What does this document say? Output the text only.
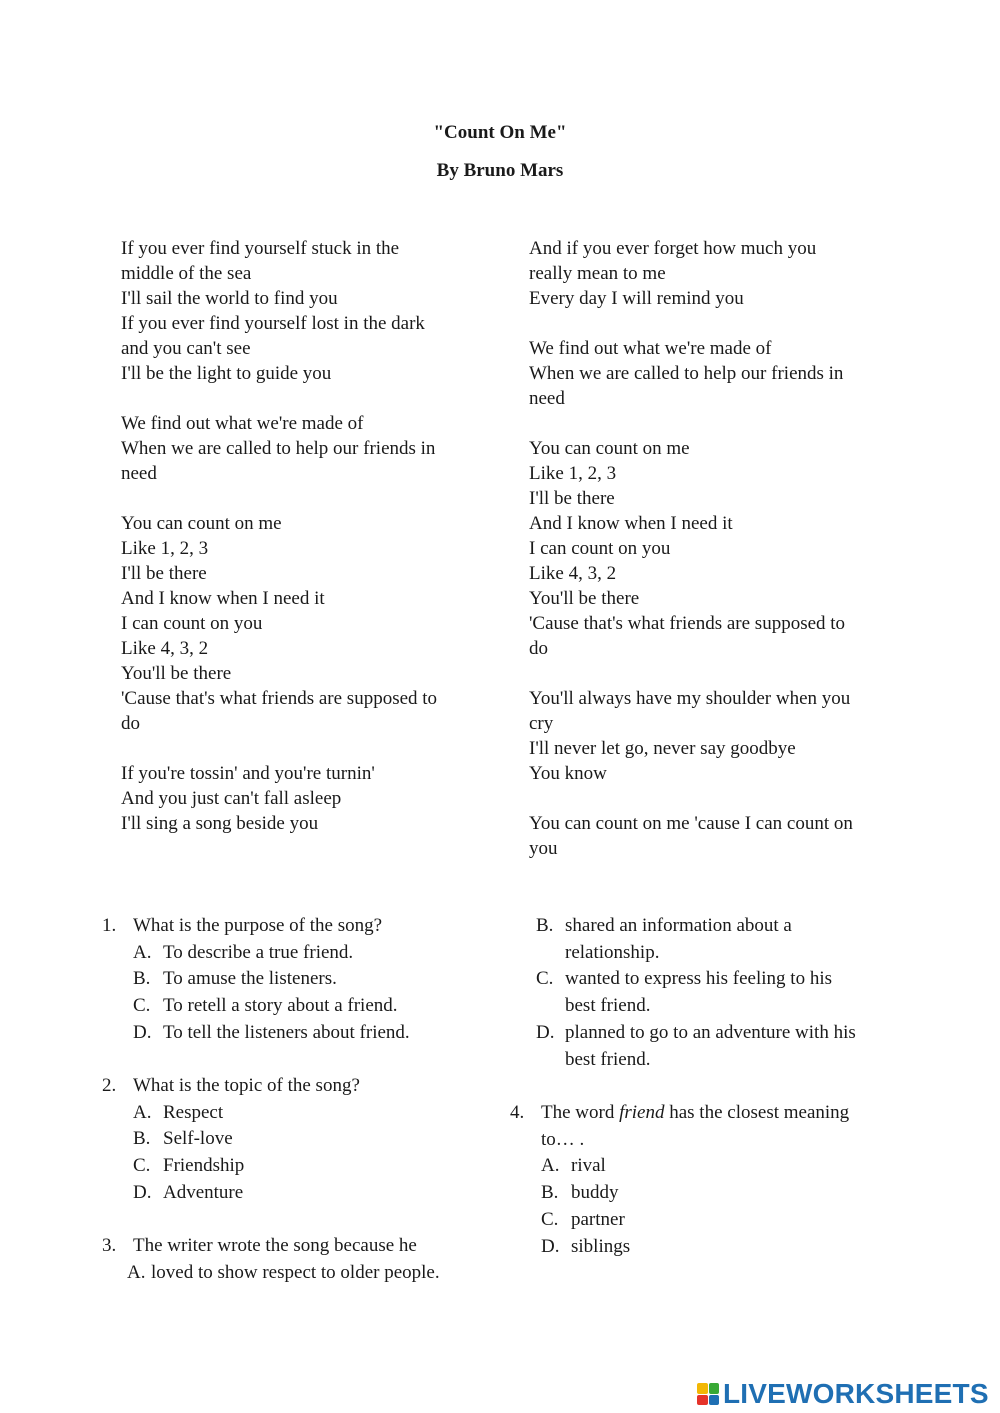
"Count On Me"
By Bruno Mars
If you ever find yourself stuck in the
middle of the sea
I'll sail the world to find you
If you ever find yourself lost in the dark
and you can't see
I'll be the light to guide you
We find out what we're made of
When we are called to help our friends in
need
You can count on me
Like 1, 2, 3
I'll be there
And I know when I need it
I can count on you
Like 4, 3, 2
You'll be there
'Cause that's what friends are supposed to
do
If you're tossin' and you're turnin'
And you just can't fall asleep
I'll sing a song beside you
And if you ever forget how much you
really mean to me
Every day I will remind you
We find out what we're made of
When we are called to help our friends in
need
You can count on me
Like 1, 2, 3
I'll be there
And I know when I need it
I can count on you
Like 4, 3, 2
You'll be there
'Cause that's what friends are supposed to
do
You'll always have my shoulder when you
cry
I'll never let go, never say goodbye
You know
You can count on me 'cause I can count on
you
1. What is the purpose of the song?
A. To describe a true friend.
B. To amuse the listeners.
C. To retell a story about a friend.
D. To tell the listeners about friend.
2. What is the topic of the song?
A. Respect
B. Self-love
C. Friendship
D. Adventure
3. The writer wrote the song because he
A. loved to show respect to older people.
B. shared an information about a
relationship.
C. wanted to express his feeling to his
best friend.
D. planned to go to an adventure with his
best friend.
4. The word friend has the closest meaning
to… .
A. rival
B. buddy
C. partner
D. siblings
LIVEWORKSHEETS
